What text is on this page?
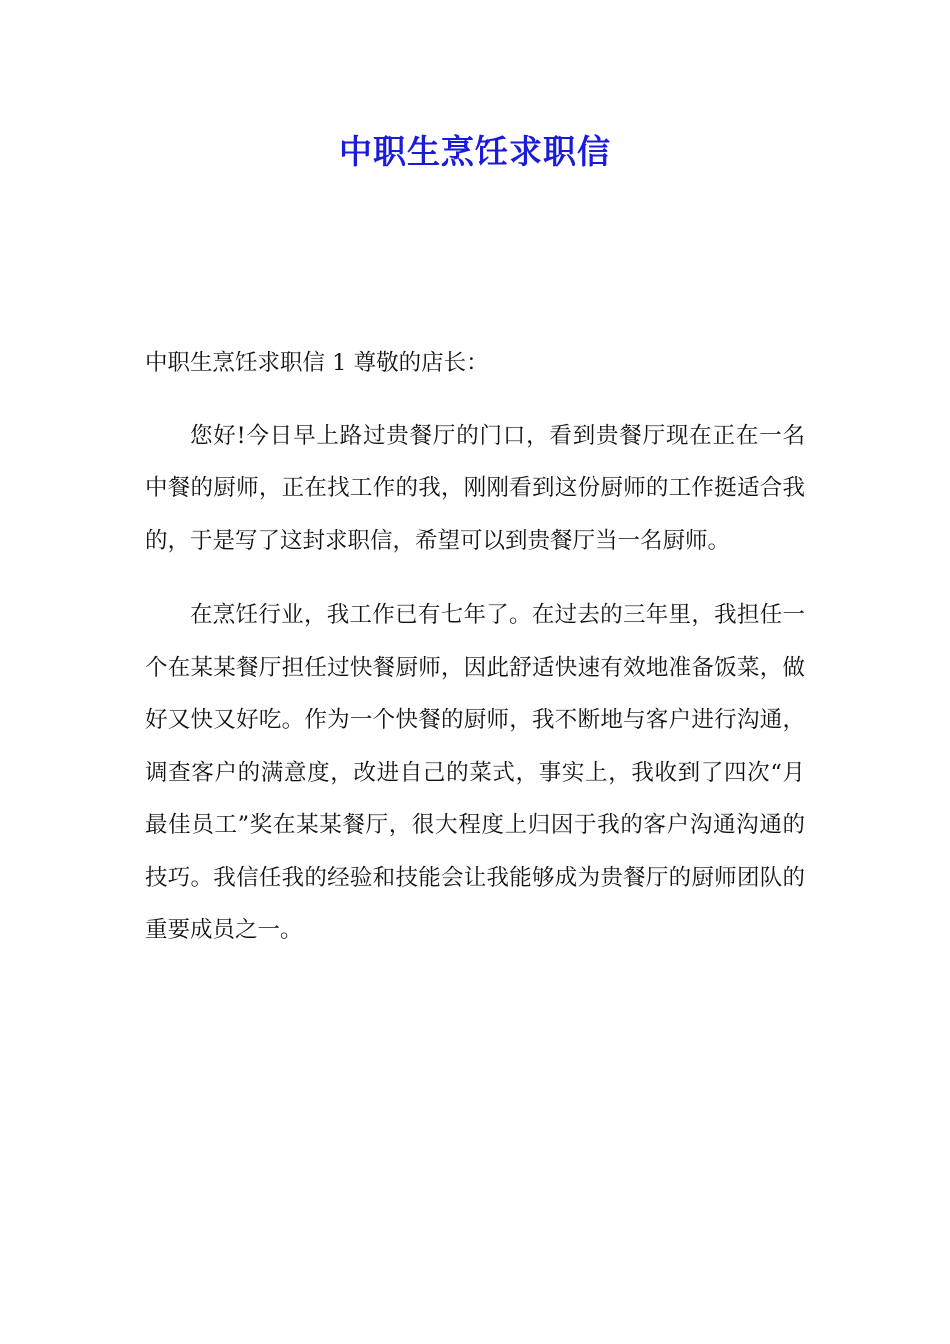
中职生烹饪求职信

中职生烹饪求职信 1 尊敬的店长：

您好!今日早上路过贵餐厅的门口，看到贵餐厅现在正在一名中餐的厨师，正在找工作的我，刚刚看到这份厨师的工作挺适合我的，于是写了这封求职信，希望可以到贵餐厅当一名厨师。

在烹饪行业，我工作已有七年了。在过去的三年里，我担任一个在某某餐厅担任过快餐厨师，因此舒适快速有效地准备饭菜，做好又快又好吃。作为一个快餐的厨师，我不断地与客户进行沟通，调查客户的满意度，改进自己的菜式，事实上，我收到了四次“月最佳员工”奖在某某餐厅，很大程度上归因于我的客户沟通沟通的技巧。我信任我的经验和技能会让我能够成为贵餐厅的厨师团队的重要成员之一。
